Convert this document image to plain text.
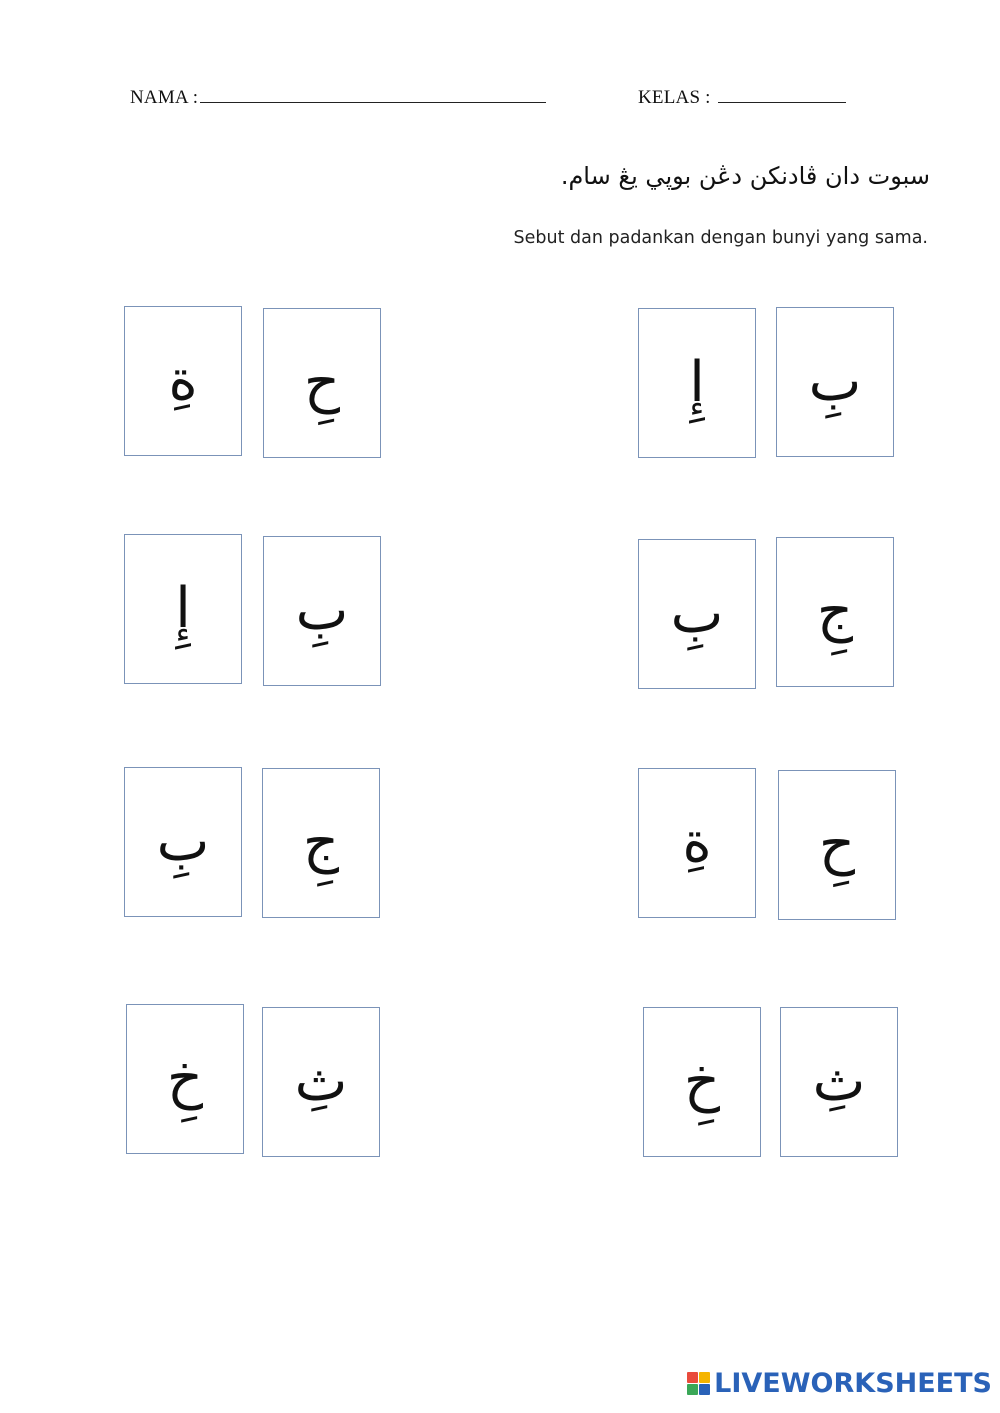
NAMA :	KELAS :
سبوت دان ڤادنکن دڠن بوڽي يڠ سام.
Sebut dan padankan dengan bunyi yang sama.
ةِ حِ	إِ بِ
إِ بِ	بِ جِ
بِ جِ	ةِ حِ
خِ ثِ	خِ ثِ
LIVEWORKSHEETS
